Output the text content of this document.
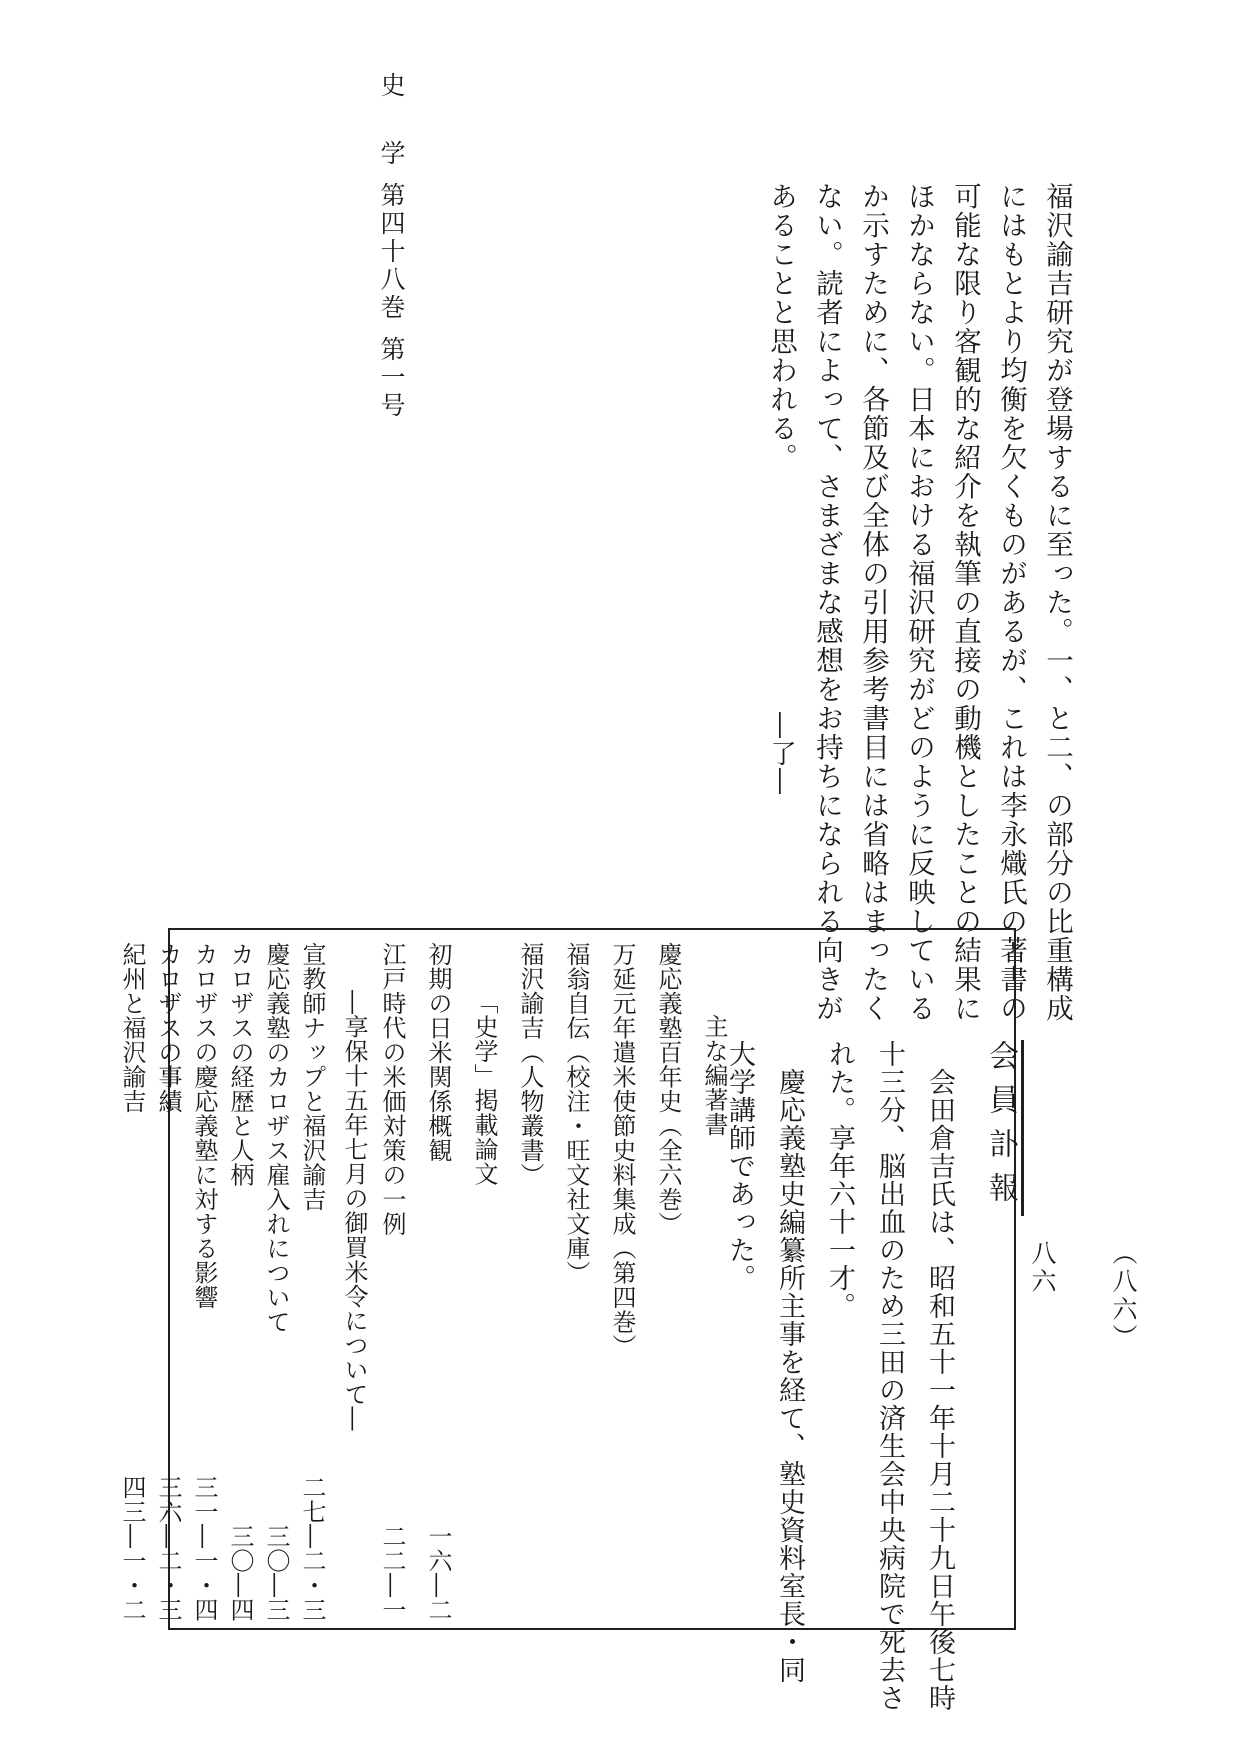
史学第四十八巻第一号	福沢諭吉研究が登場するに至った。一、と二、の部分の比重構成

にはもとより均衡を欠くものがあるが、これは李永熾氏の著書の

可能な限り客観的な紹介を執筆の直接の動機としたことの結果に

ほかならない。日本における福沢研究がどのように反映している

か示すために、各節及び全体の引用参考書目には省略はまったく

ない。読者によって、さまざまな感想をお持ちになられる向きが

あることと思われる。

―了―
（八六）
八六
会員訃報

会田倉吉氏は、昭和五十一年十月二十九日午後七時

十三分、脳出血のため三田の済生会中央病院で死去さ

れた。享年六十一才。

慶応義塾史編纂所主事を経て、塾史資料室長・同

大学講師であった。

主な編著書
慶応義塾百年史（全六巻）
万延元年遣米使節史料集成（第四巻）
福翁自伝（校注・旺文社文庫）
福沢諭吉（人物叢書）
「史学」掲載論文
初期の日米関係概観
一六―二
江戸時代の米価対策の一例
二二―一
―享保十五年七月の御買米令について―
宣教師ナップと福沢諭吉
二七―二・三
慶応義塾のカロザス雇入れについて
三〇―三
カロザスの経歴と人柄
三〇―四
カロザスの慶応義塾に対する影響
三一―一・四
カロザスの事績
三六―二・三
紀州と福沢諭吉
四三―一・二
